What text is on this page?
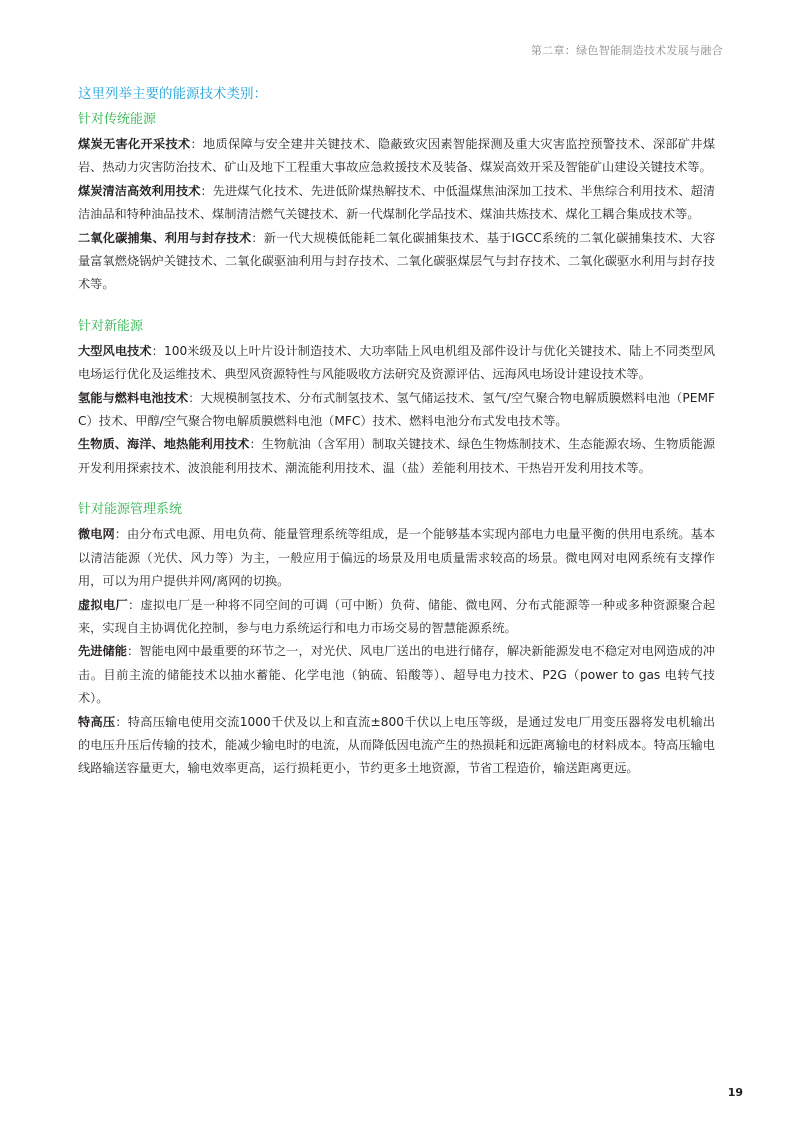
第二章：绿色智能制造技术发展与融合

这里列举主要的能源技术类别：

针对传统能源

煤炭无害化开采技术：地质保障与安全建井关键技术、隐蔽致灾因素智能探测及重大灾害监控预警技术、深部矿井煤岩、热动力灾害防治技术、矿山及地下工程重大事故应急救援技术及装备、煤炭高效开采及智能矿山建设关键技术等。

煤炭清洁高效利用技术：先进煤气化技术、先进低阶煤热解技术、中低温煤焦油深加工技术、半焦综合利用技术、超清洁油品和特种油品技术、煤制清洁燃气关键技术、新一代煤制化学品技术、煤油共炼技术、煤化工耦合集成技术等。

二氧化碳捕集、利用与封存技术：新一代大规模低能耗二氧化碳捕集技术、基于IGCC系统的二氧化碳捕集技术、大容量富氧燃烧锅炉关键技术、二氧化碳驱油利用与封存技术、二氧化碳驱煤层气与封存技术、二氧化碳驱水利用与封存技术等。

针对新能源

大型风电技术：100米级及以上叶片设计制造技术、大功率陆上风电机组及部件设计与优化关键技术、陆上不同类型风电场运行优化及运维技术、典型风资源特性与风能吸收方法研究及资源评估、远海风电场设计建设技术等。

氢能与燃料电池技术：大规模制氢技术、分布式制氢技术、氢气储运技术、氢气/空气聚合物电解质膜燃料电池（PEMFC）技术、甲醇/空气聚合物电解质膜燃料电池（MFC）技术、燃料电池分布式发电技术等。

生物质、海洋、地热能利用技术：生物航油（含军用）制取关键技术、绿色生物炼制技术、生态能源农场、生物质能源开发利用探索技术、波浪能利用技术、潮流能利用技术、温（盐）差能利用技术、干热岩开发利用技术等。

针对能源管理系统

微电网：由分布式电源、用电负荷、能量管理系统等组成，是一个能够基本实现内部电力电量平衡的供用电系统。基本以清洁能源（光伏、风力等）为主，一般应用于偏远的场景及用电质量需求较高的场景。微电网对电网系统有支撑作用，可以为用户提供并网/离网的切换。

虚拟电厂：虚拟电厂是一种将不同空间的可调（可中断）负荷、储能、微电网、分布式能源等一种或多种资源聚合起来，实现自主协调优化控制，参与电力系统运行和电力市场交易的智慧能源系统。

先进储能：智能电网中最重要的环节之一，对光伏、风电厂送出的电进行储存，解决新能源发电不稳定对电网造成的冲击。目前主流的储能技术以抽水蓄能、化学电池（钠硫、铅酸等）、超导电力技术、P2G（power to gas 电转气技术）。

特高压：特高压输电使用交流1000千伏及以上和直流±800千伏以上电压等级，是通过发电厂用变压器将发电机输出的电压升压后传输的技术，能减少输电时的电流，从而降低因电流产生的热损耗和远距离输电的材料成本。特高压输电线路输送容量更大，输电效率更高，运行损耗更小，节约更多土地资源，节省工程造价，输送距离更远。

19
